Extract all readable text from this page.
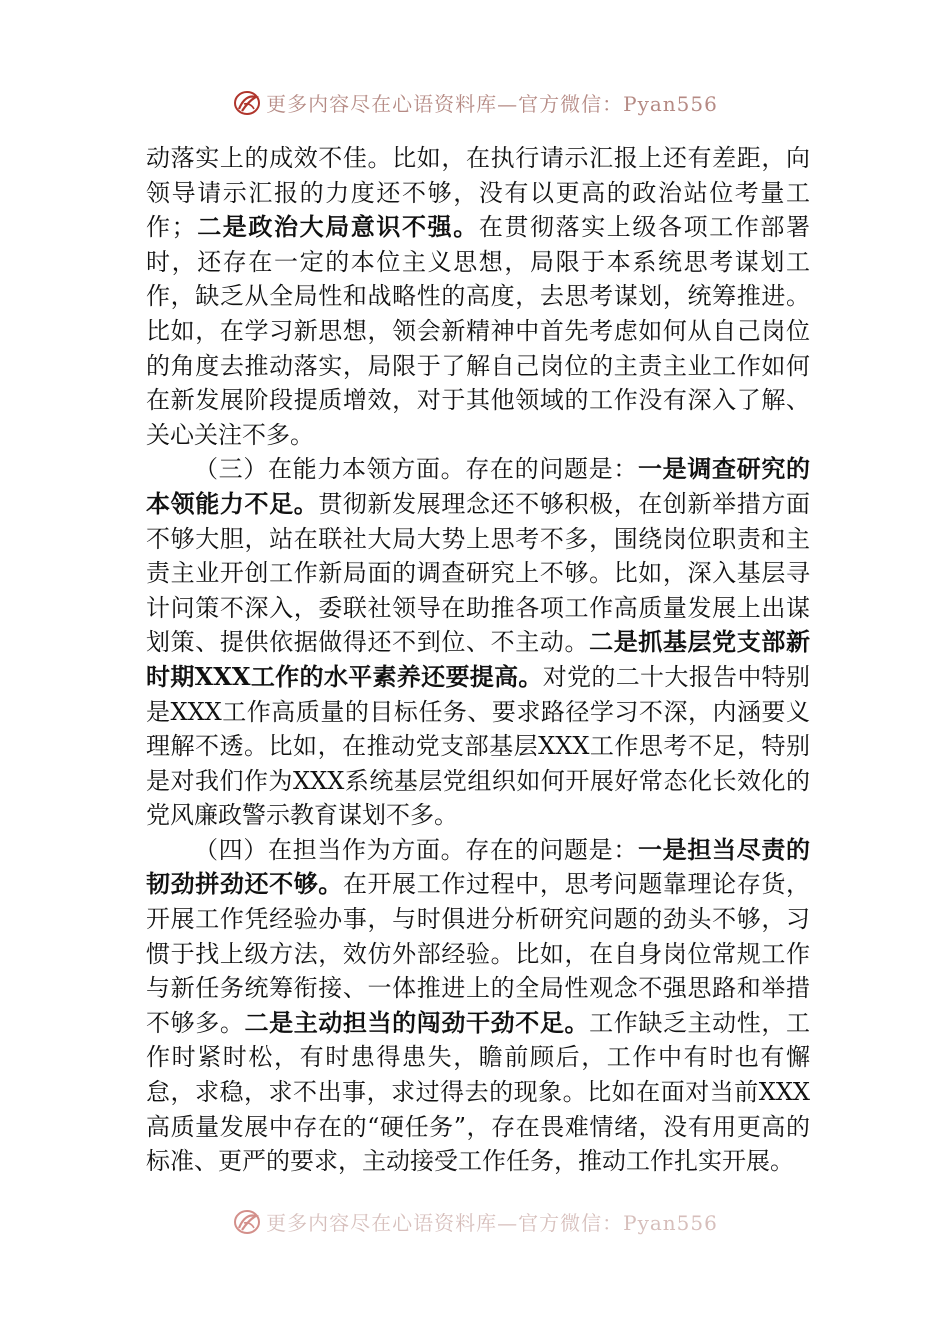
更多内容尽在心语资料库—官方微信：Pyan556

动落实上的成效不佳。比如，在执行请示汇报上还有差距，向领导请示汇报的力度还不够，没有以更高的政治站位考量工作；二是政治大局意识不强。在贯彻落实上级各项工作部署时，还存在一定的本位主义思想，局限于本系统思考谋划工作，缺乏从全局性和战略性的高度，去思考谋划，统筹推进。比如，在学习新思想，领会新精神中首先考虑如何从自己岗位的角度去推动落实，局限于了解自己岗位的主责主业工作如何在新发展阶段提质增效，对于其他领域的工作没有深入了解、关心关注不多。

（三）在能力本领方面。存在的问题是：一是调查研究的本领能力不足。贯彻新发展理念还不够积极，在创新举措方面不够大胆，站在联社大局大势上思考不多，围绕岗位职责和主责主业开创工作新局面的调查研究上不够。比如，深入基层寻计问策不深入，委联社领导在助推各项工作高质量发展上出谋划策、提供依据做得还不到位、不主动。二是抓基层党支部新时期XXX工作的水平素养还要提高。对党的二十大报告中特别是XXX工作高质量的目标任务、要求路径学习不深，内涵要义理解不透。比如，在推动党支部基层XXX工作思考不足，特别是对我们作为XXX系统基层党组织如何开展好常态化长效化的党风廉政警示教育谋划不多。

（四）在担当作为方面。存在的问题是：一是担当尽责的韧劲拼劲还不够。在开展工作过程中，思考问题靠理论存货，开展工作凭经验办事，与时俱进分析研究问题的劲头不够，习惯于找上级方法，效仿外部经验。比如，在自身岗位常规工作与新任务统筹衔接、一体推进上的全局性观念不强思路和举措不够多。二是主动担当的闯劲干劲不足。工作缺乏主动性，工作时紧时松，有时患得患失，瞻前顾后，工作中有时也有懈怠，求稳，求不出事，求过得去的现象。比如在面对当前XXX高质量发展中存在的“硬任务”，存在畏难情绪，没有用更高的标准、更严的要求，主动接受工作任务，推动工作扎实开展。

更多内容尽在心语资料库—官方微信：Pyan556
